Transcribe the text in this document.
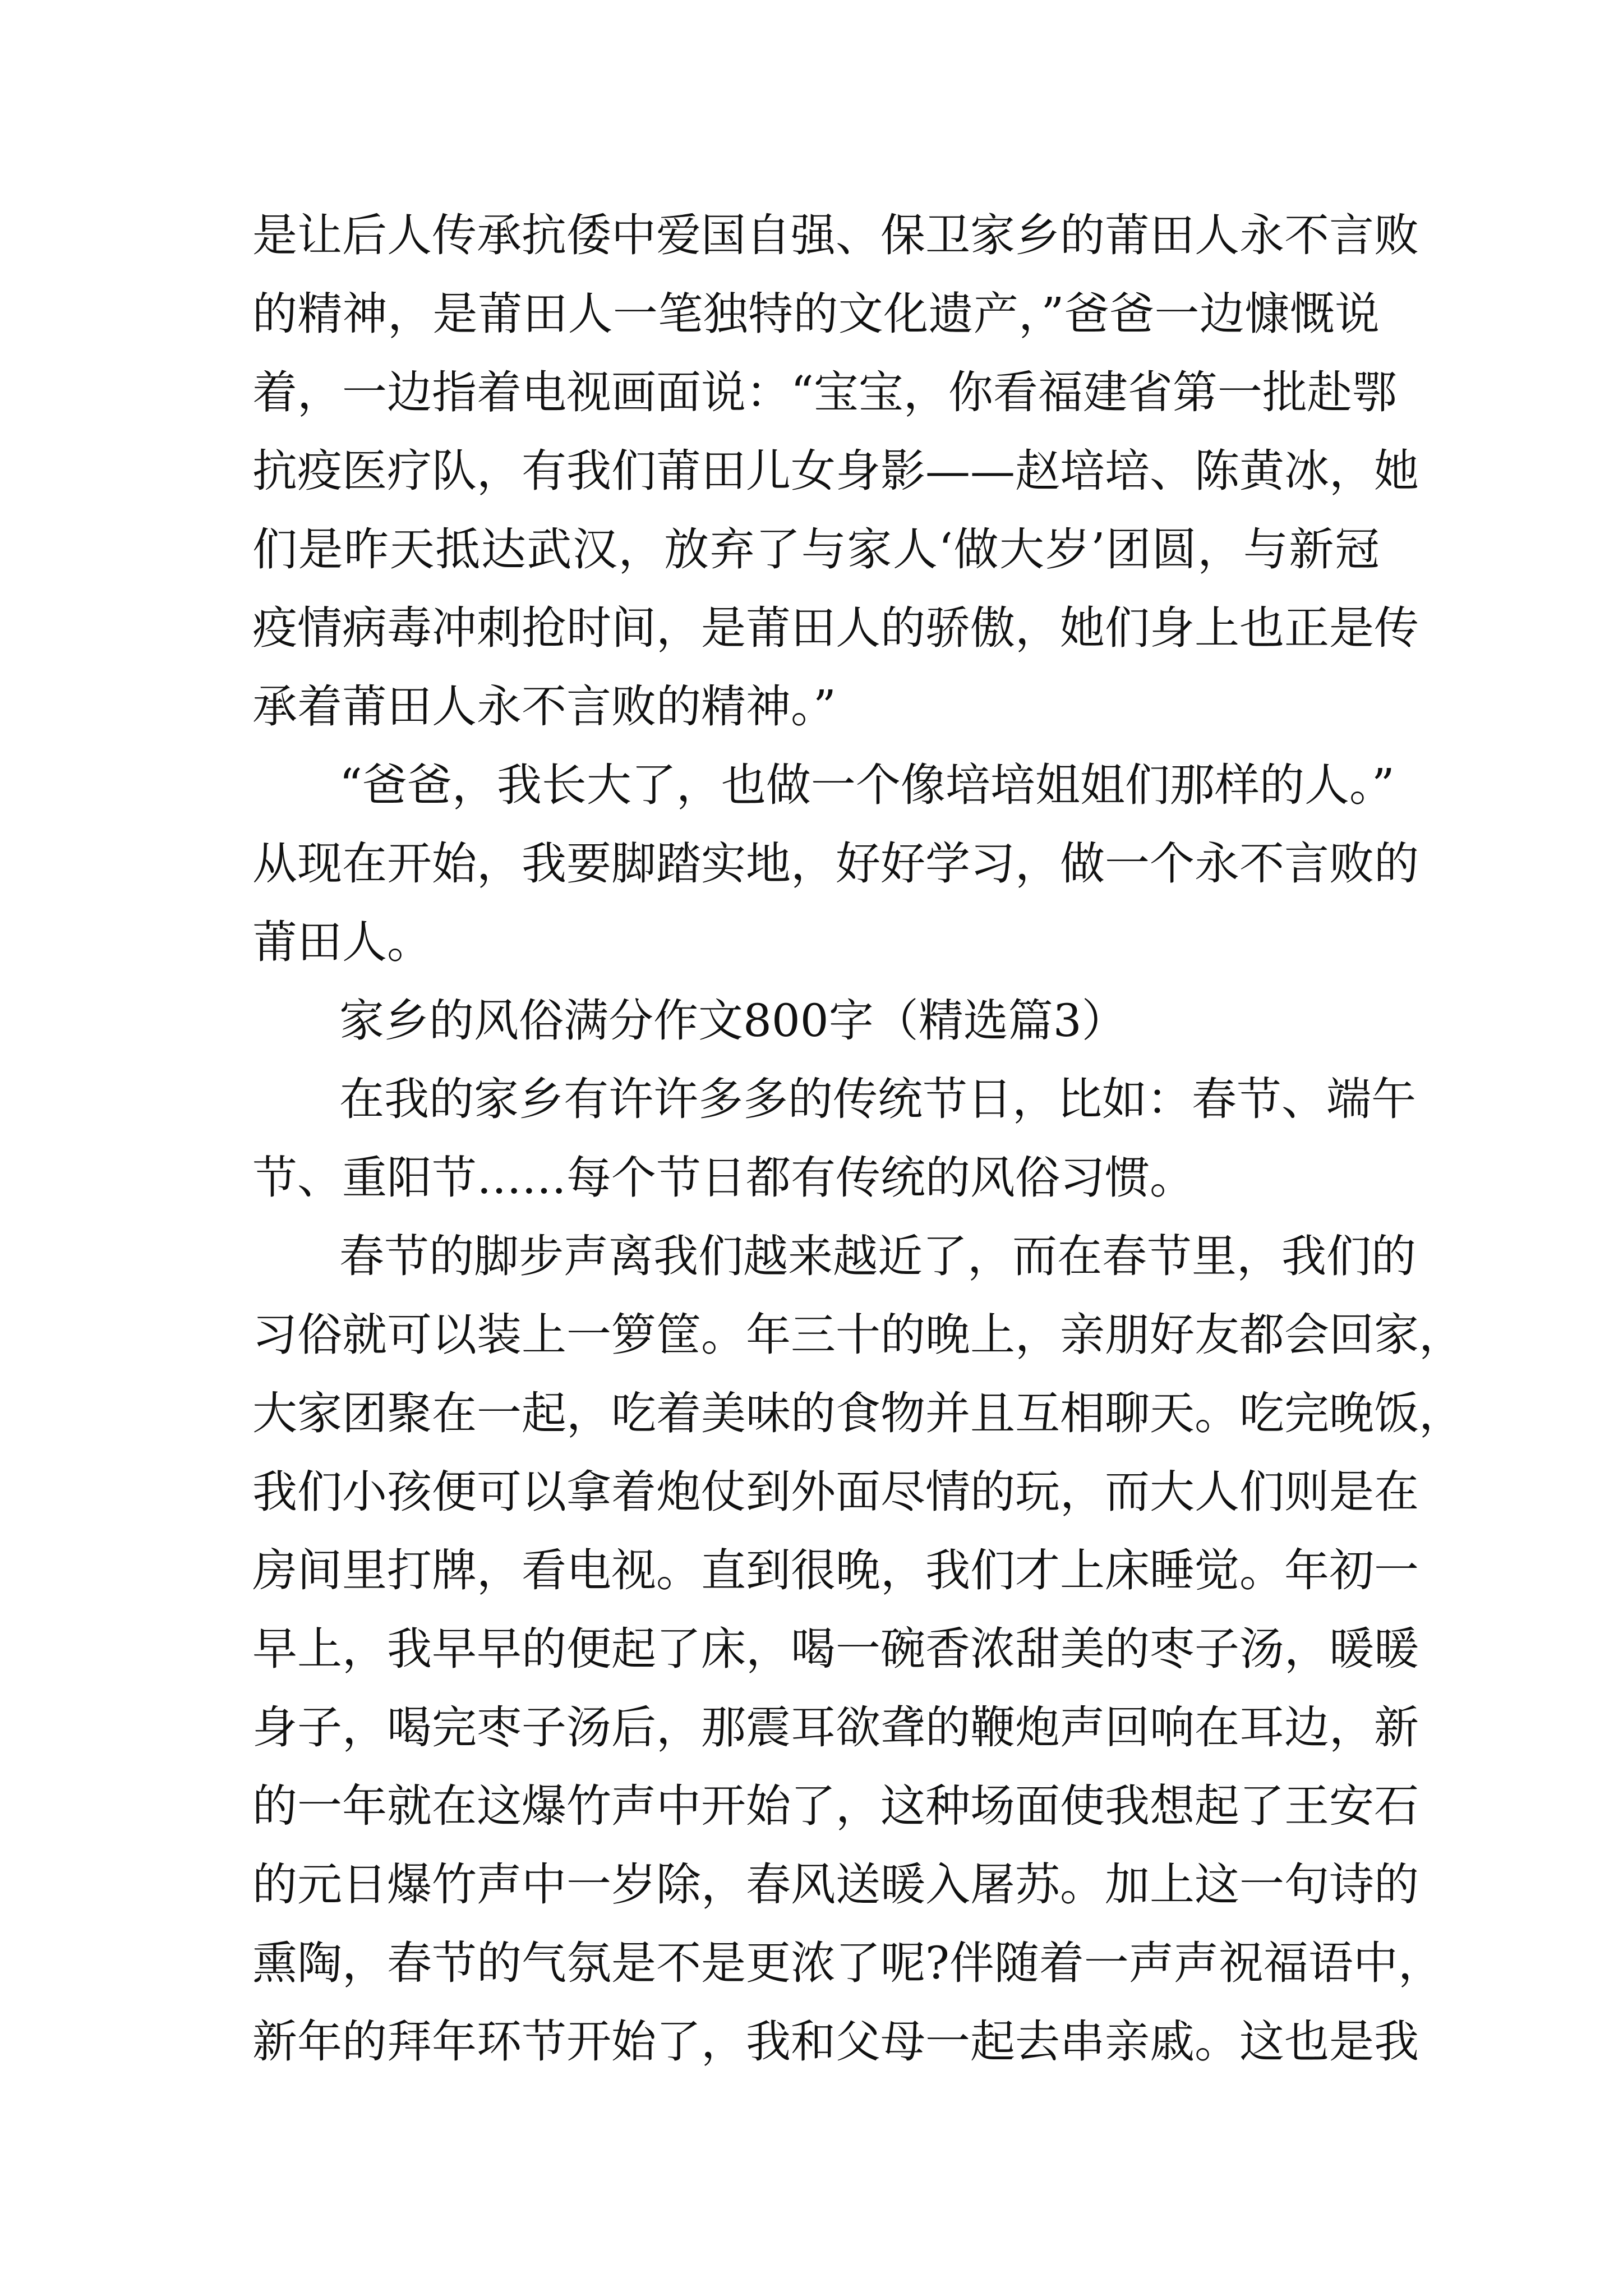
是让后人传承抗倭中爱国自强、保卫家乡的莆田人永不言败
的精神，是莆田人一笔独特的文化遗产，”爸爸一边慷慨说
着，一边指着电视画面说：“宝宝，你看福建省第一批赴鄂
抗疫医疗队，有我们莆田儿女身影——赵培培、陈黄冰，她
们是昨天抵达武汉，放弃了与家人‘做大岁’团圆，与新冠
疫情病毒冲刺抢时间，是莆田人的骄傲，她们身上也正是传
承着莆田人永不言败的精神。”
“爸爸，我长大了，也做一个像培培姐姐们那样的人。”
从现在开始，我要脚踏实地，好好学习，做一个永不言败的
莆田人。
家乡的风俗满分作文800字（精选篇3）
在我的家乡有许许多多的传统节日，比如：春节、端午
节、重阳节……每个节日都有传统的风俗习惯。
春节的脚步声离我们越来越近了，而在春节里，我们的
习俗就可以装上一箩筐。年三十的晚上，亲朋好友都会回家，
大家团聚在一起，吃着美味的食物并且互相聊天。吃完晚饭，
我们小孩便可以拿着炮仗到外面尽情的玩，而大人们则是在
房间里打牌，看电视。直到很晚，我们才上床睡觉。年初一
早上，我早早的便起了床，喝一碗香浓甜美的枣子汤，暖暖
身子，喝完枣子汤后，那震耳欲聋的鞭炮声回响在耳边，新
的一年就在这爆竹声中开始了，这种场面使我想起了王安石
的元日爆竹声中一岁除，春风送暖入屠苏。加上这一句诗的
熏陶，春节的气氛是不是更浓了呢?伴随着一声声祝福语中，
新年的拜年环节开始了，我和父母一起去串亲戚。这也是我
